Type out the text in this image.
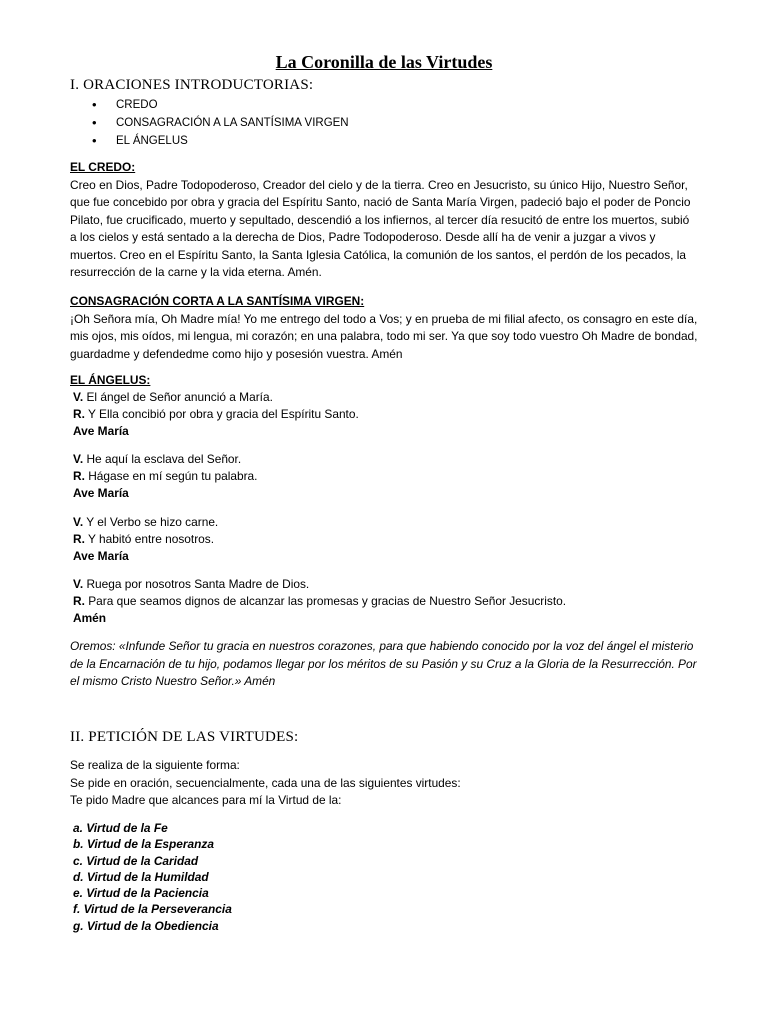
La Coronilla de las Virtudes
I. ORACIONES INTRODUCTORIAS:
• CREDO
• CONSAGRACIÓN A LA SANTÍSIMA VIRGEN
• EL ÁNGELUS
EL CREDO:
Creo en Dios, Padre Todopoderoso, Creador del cielo y de la tierra. Creo en Jesucristo, su único Hijo, Nuestro Señor, que fue concebido por obra y gracia del Espíritu Santo, nació de Santa María Virgen, padeció bajo el poder de Poncio Pilato, fue crucificado, muerto y sepultado, descendió a los infiernos, al tercer día resucitó de entre los muertos, subió a los cielos y está sentado a la derecha de Dios, Padre Todopoderoso. Desde allí ha de venir a juzgar a vivos y muertos. Creo en el Espíritu Santo, la Santa Iglesia Católica, la comunión de los santos, el perdón de los pecados, la resurrección de la carne y la vida eterna. Amén.
CONSAGRACIÓN CORTA A LA SANTÍSIMA VIRGEN:
¡Oh Señora mía, Oh Madre mía! Yo me entrego del todo a Vos; y en prueba de mi filial afecto, os consagro en este día, mis ojos, mis oídos, mi lengua, mi corazón; en una palabra, todo mi ser. Ya que soy todo vuestro Oh Madre de bondad, guardadme y defendedme como hijo y posesión vuestra. Amén
EL ÁNGELUS:
V. El ángel de Señor anunció a María.
R. Y Ella concibió por obra y gracia del Espíritu Santo.
Ave María
V. He aquí la esclava del Señor.
R. Hágase en mí según tu palabra.
Ave María
V. Y el Verbo se hizo carne.
R. Y habitó entre nosotros.
Ave María
V. Ruega por nosotros Santa Madre de Dios.
R. Para que seamos dignos de alcanzar las promesas y gracias de Nuestro Señor Jesucristo.
Amén
Oremos: «Infunde Señor tu gracia en nuestros corazones, para que habiendo conocido por la voz del ángel el misterio de la Encarnación de tu hijo, podamos llegar por los méritos de su Pasión y su Cruz a la Gloria de la Resurrección. Por el mismo Cristo Nuestro Señor.» Amén
II. PETICIÓN DE LAS VIRTUDES:
Se realiza de la siguiente forma:
Se pide en oración, secuencialmente, cada una de las siguientes virtudes:
Te pido Madre que alcances para mí la Virtud de la:
a. Virtud de la Fe
b. Virtud de la Esperanza
c. Virtud de la Caridad
d. Virtud de la Humildad
e. Virtud de la Paciencia
f. Virtud de la Perseverancia
g. Virtud de la Obediencia
